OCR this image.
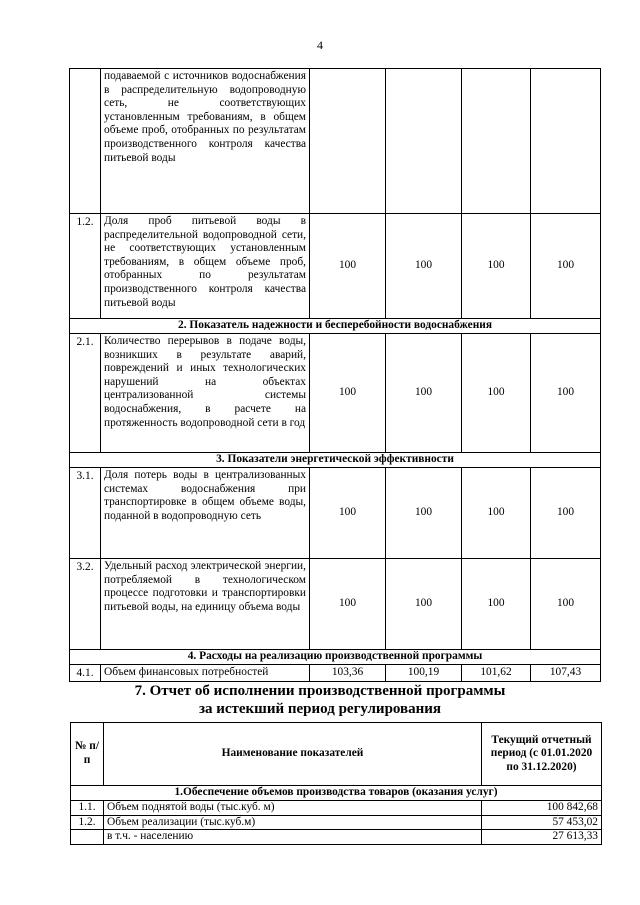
4
	подаваемой с источников водоснабжения в распределительную водопроводную сеть, не соответствующих установленным требованиям, в общем объеме проб, отобранных по результатам производственного контроля качества питьевой воды				
1.2.	Доля проб питьевой воды в распределительной водопроводной сети, не соответствующих установленным требованиям, в общем объеме проб, отобранных по результатам производственного контроля качества питьевой воды	100	100	100	100
2. Показатель надежности и бесперебойности водоснабжения					
2.1.	Количество перерывов в подаче воды, возникших в результате аварий, повреждений и иных технологических нарушений на объектах централизованной системы водоснабжения, в расчете на протяженность водопроводной сети в год	100	100	100	100
3. Показатели энергетической эффективности					
3.1.	Доля потерь воды в централизованных системах водоснабжения при транспортировке в общем объеме воды, поданной в водопроводную сеть	100	100	100	100
3.2.	Удельный расход электрической энергии, потребляемой в технологическом процессе подготовки и транспортировки питьевой воды, на единицу объема воды	100	100	100	100
4. Расходы на реализацию производственной программы					
4.1.	Объем финансовых потребностей	103,36	100,19	101,62	107,43
7. Отчет об исполнении производственной программы
за истекший период регулирования
№ п/п	Наименование показателей	Текущий отчетный период (с 01.01.2020 по 31.12.2020)
1.Обеспечение объемов производства товаров (оказания услуг)		
1.1.	Объем поднятой воды (тыс.куб. м)	100 842,68
1.2.	Объем реализации (тыс.куб.м)	57 453,02
	в т.ч. - населению	27 613,33
